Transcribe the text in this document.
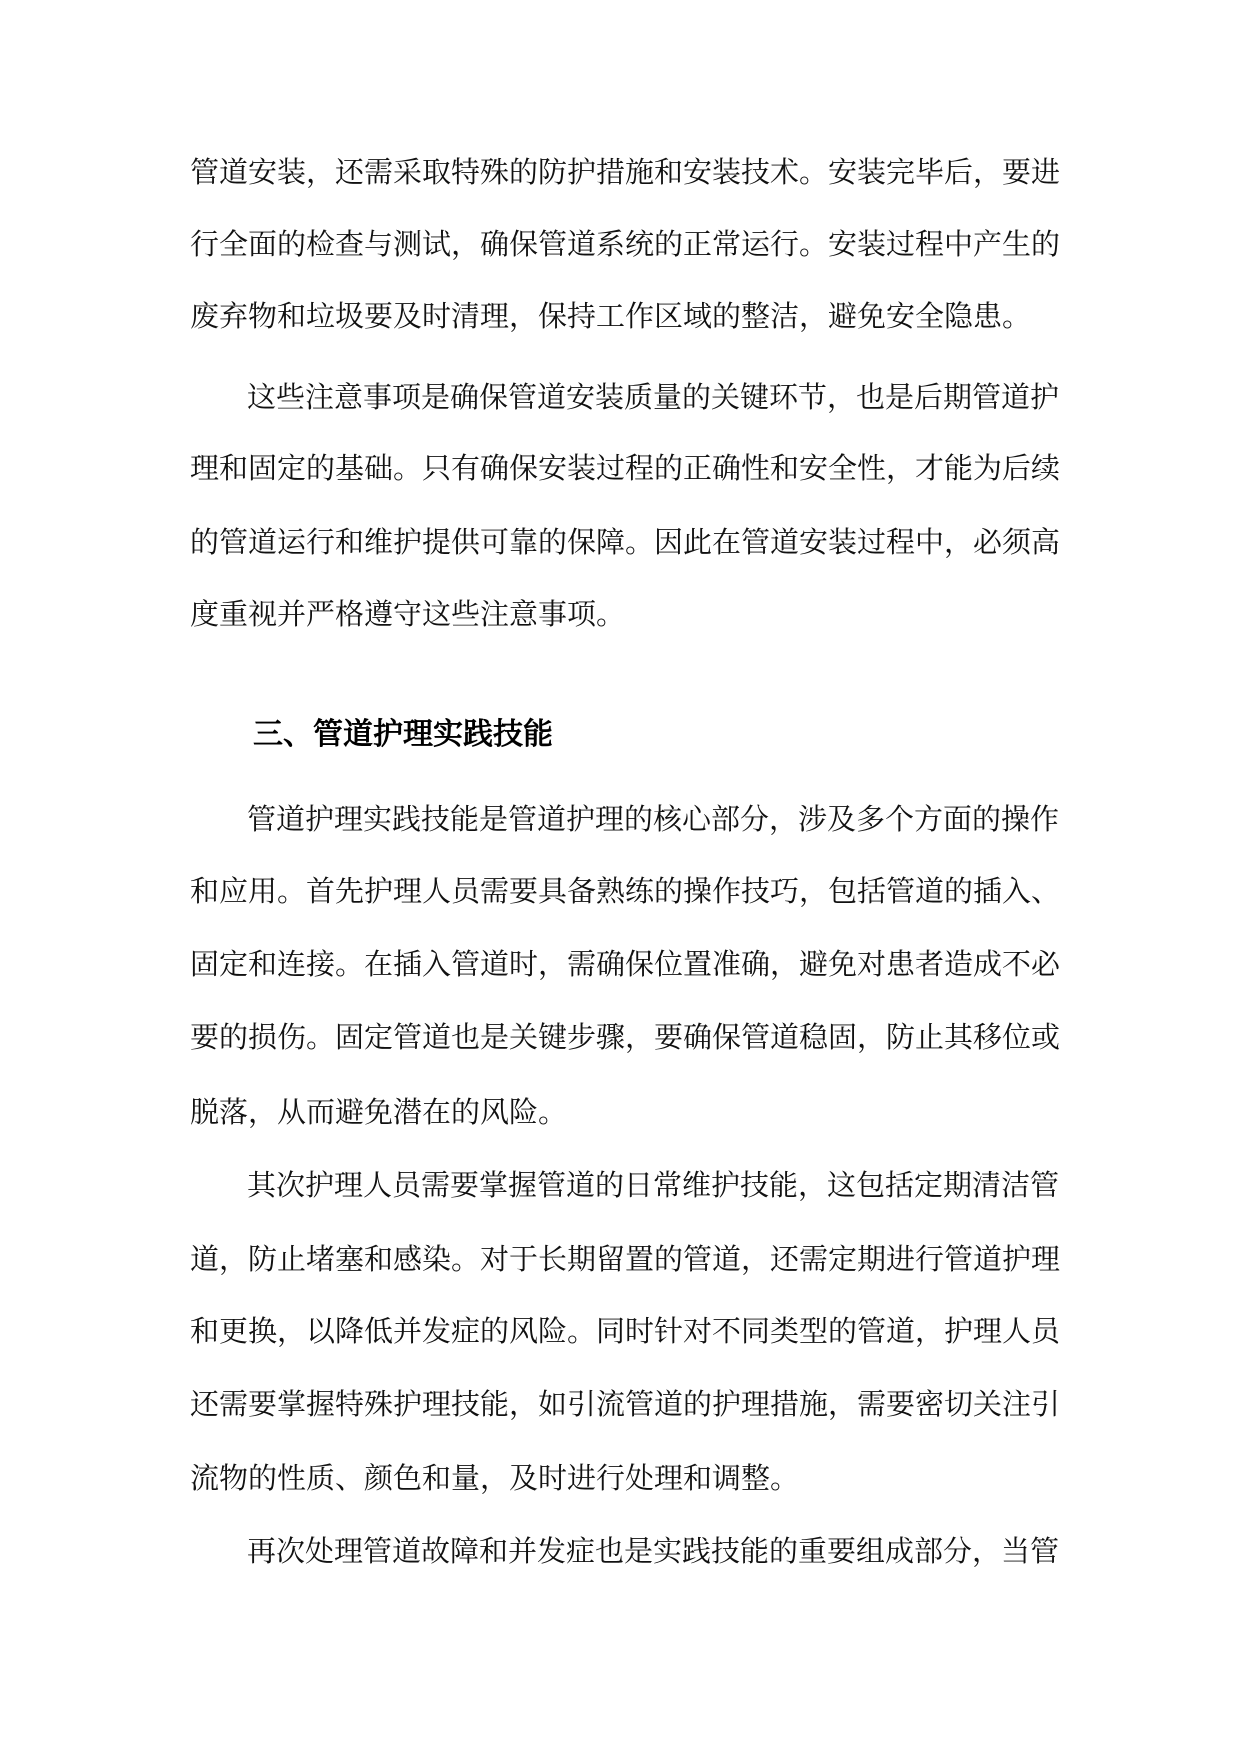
管道安装，还需采取特殊的防护措施和安装技术。安装完毕后，要进

行全面的检查与测试，确保管道系统的正常运行。安装过程中产生的

废弃物和垃圾要及时清理，保持工作区域的整洁，避免安全隐患。

这些注意事项是确保管道安装质量的关键环节，也是后期管道护

理和固定的基础。只有确保安装过程的正确性和安全性，才能为后续

的管道运行和维护提供可靠的保障。因此在管道安装过程中，必须高

度重视并严格遵守这些注意事项。

三、管道护理实践技能

管道护理实践技能是管道护理的核心部分，涉及多个方面的操作

和应用。首先护理人员需要具备熟练的操作技巧，包括管道的插入、

固定和连接。在插入管道时，需确保位置准确，避免对患者造成不必

要的损伤。固定管道也是关键步骤，要确保管道稳固，防止其移位或

脱落，从而避免潜在的风险。

其次护理人员需要掌握管道的日常维护技能，这包括定期清洁管

道，防止堵塞和感染。对于长期留置的管道，还需定期进行管道护理

和更换，以降低并发症的风险。同时针对不同类型的管道，护理人员

还需要掌握特殊护理技能，如引流管道的护理措施，需要密切关注引

流物的性质、颜色和量，及时进行处理和调整。

再次处理管道故障和并发症也是实践技能的重要组成部分，当管
